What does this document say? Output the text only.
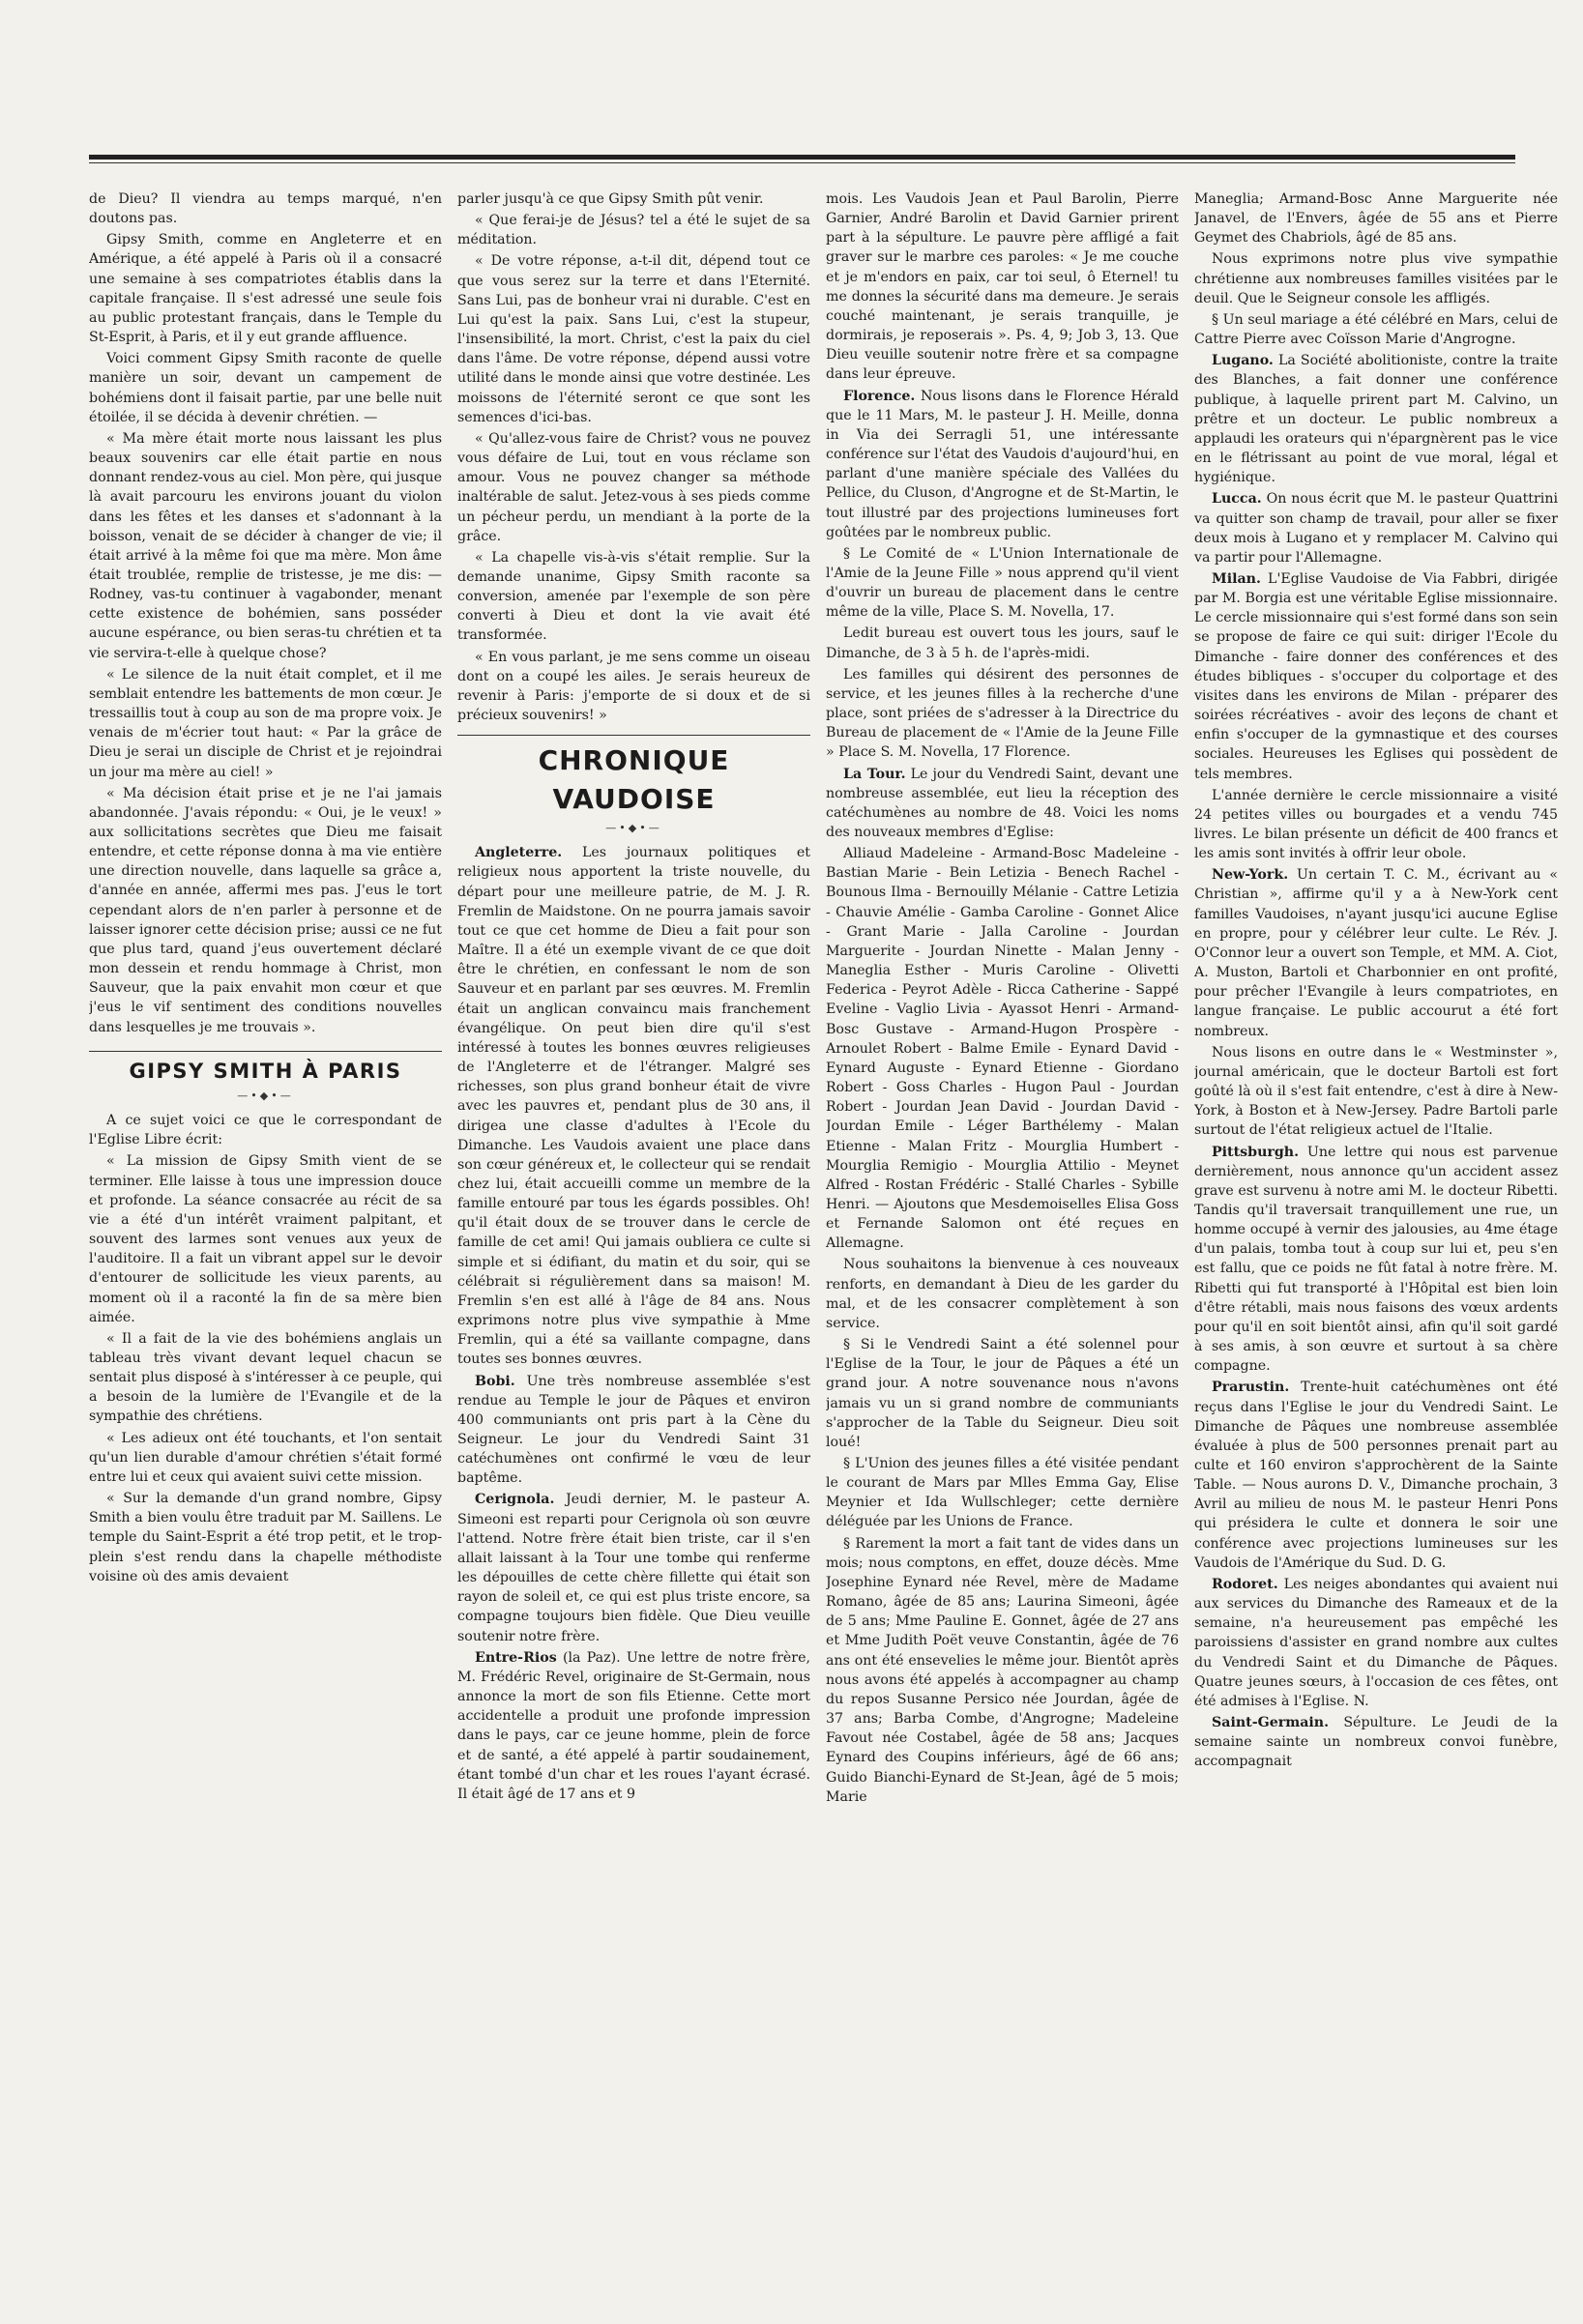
de Dieu? Il viendra au temps marqué, n'en doutons pas.

Gipsy Smith, comme en Angleterre et en Amérique, a été appelé à Paris où il a consacré une semaine à ses compatriotes établis dans la capitale française. Il s'est adressé une seule fois au public protestant français, dans le Temple du St-Esprit, à Paris, et il y eut grande affluence.

Voici comment Gipsy Smith raconte de quelle manière un soir, devant un campement de bohémiens dont il faisait partie, par une belle nuit étoilée, il se décida à devenir chrétien. —

« Ma mère était morte nous laissant les plus beaux souvenirs car elle était partie en nous donnant rendez-vous au ciel. Mon père, qui jusque là avait parcouru les environs jouant du violon dans les fêtes et les danses et s'adonnant à la boisson, venait de se décider à changer de vie; il était arrivé à la même foi que ma mère. Mon âme était troublée, remplie de tristesse, je me dis: — Rodney, vas-tu continuer à vagabonder, menant cette existence de bohémien, sans posséder aucune espérance, ou bien seras-tu chrétien et ta vie servira-t-elle à quelque chose?

« Le silence de la nuit était complet, et il me semblait entendre les battements de mon cœur. Je tressaillis tout à coup au son de ma propre voix. Je venais de m'écrier tout haut: « Par la grâce de Dieu je serai un disciple de Christ et je rejoindrai un jour ma mère au ciel! »

« Ma décision était prise et je ne l'ai jamais abandonnée. J'avais répondu: « Oui, je le veux! » aux sollicitations secrètes que Dieu me faisait entendre, et cette réponse donna à ma vie entière une direction nouvelle, dans laquelle sa grâce a, d'année en année, affermi mes pas. J'eus le tort cependant alors de n'en parler à personne et de laisser ignorer cette décision prise; aussi ce ne fut que plus tard, quand j'eus ouvertement déclaré mon dessein et rendu hommage à Christ, mon Sauveur, que la paix envahit mon cœur et que j'eus le vif sentiment des conditions nouvelles dans lesquelles je me trouvais ».

GIPSY SMITH À PARIS
—•◆•—

A ce sujet voici ce que le correspondant de l'Eglise Libre écrit:

« La mission de Gipsy Smith vient de se terminer. Elle laisse à tous une impression douce et profonde. La séance consacrée au récit de sa vie a été d'un intérêt vraiment palpitant, et souvent des larmes sont venues aux yeux de l'auditoire. Il a fait un vibrant appel sur le devoir d'entourer de sollicitude les vieux parents, au moment où il a raconté la fin de sa mère bien aimée.

« Il a fait de la vie des bohémiens anglais un tableau très vivant devant lequel chacun se sentait plus disposé à s'intéresser à ce peuple, qui a besoin de la lumière de l'Evangile et de la sympathie des chrétiens.

« Les adieux ont été touchants, et l'on sentait qu'un lien durable d'amour chrétien s'était formé entre lui et ceux qui avaient suivi cette mission.

« Sur la demande d'un grand nombre, Gipsy Smith a bien voulu être traduit par M. Saillens. Le temple du Saint-Esprit a été trop petit, et le trop-plein s'est rendu dans la chapelle méthodiste voisine où des amis devaient

parler jusqu'à ce que Gipsy Smith pût venir.

« Que ferai-je de Jésus? tel a été le sujet de sa méditation.

« De votre réponse, a-t-il dit, dépend tout ce que vous serez sur la terre et dans l'Eternité. Sans Lui, pas de bonheur vrai ni durable. C'est en Lui qu'est la paix. Sans Lui, c'est la stupeur, l'insensibilité, la mort. Christ, c'est la paix du ciel dans l'âme. De votre réponse, dépend aussi votre utilité dans le monde ainsi que votre destinée. Les moissons de l'éternité seront ce que sont les semences d'ici-bas.

« Qu'allez-vous faire de Christ? vous ne pouvez vous défaire de Lui, tout en vous réclame son amour. Vous ne pouvez changer sa méthode inaltérable de salut. Jetez-vous à ses pieds comme un pécheur perdu, un mendiant à la porte de la grâce.

« La chapelle vis-à-vis s'était remplie. Sur la demande unanime, Gipsy Smith raconte sa conversion, amenée par l'exemple de son père converti à Dieu et dont la vie avait été transformée.

« En vous parlant, je me sens comme un oiseau dont on a coupé les ailes. Je serais heureux de revenir à Paris: j'emporte de si doux et de si précieux souvenirs! »

CHRONIQUE VAUDOISE
—•◆•—

Angleterre. Les journaux politiques et religieux nous apportent la triste nouvelle, du départ pour une meilleure patrie, de M. J. R. Fremlin de Maidstone. On ne pourra jamais savoir tout ce que cet homme de Dieu a fait pour son Maître. Il a été un exemple vivant de ce que doit être le chrétien, en confessant le nom de son Sauveur et en parlant par ses œuvres. M. Fremlin était un anglican convaincu mais franchement évangélique. On peut bien dire qu'il s'est intéressé à toutes les bonnes œuvres religieuses de l'Angleterre et de l'étranger. Malgré ses richesses, son plus grand bonheur était de vivre avec les pauvres et, pendant plus de 30 ans, il dirigea une classe d'adultes à l'Ecole du Dimanche. Les Vaudois avaient une place dans son cœur généreux et, le collecteur qui se rendait chez lui, était accueilli comme un membre de la famille entouré par tous les égards possibles. Oh! qu'il était doux de se trouver dans le cercle de famille de cet ami! Qui jamais oubliera ce culte si simple et si édifiant, du matin et du soir, qui se célébrait si régulièrement dans sa maison! M. Fremlin s'en est allé à l'âge de 84 ans. Nous exprimons notre plus vive sympathie à Mme Fremlin, qui a été sa vaillante compagne, dans toutes ses bonnes œuvres.

Bobi. Une très nombreuse assemblée s'est rendue au Temple le jour de Pâques et environ 400 communiants ont pris part à la Cène du Seigneur. Le jour du Vendredi Saint 31 catéchumènes ont confirmé le vœu de leur baptême.

Cerignola. Jeudi dernier, M. le pasteur A. Simeoni est reparti pour Cerignola où son œuvre l'attend. Notre frère était bien triste, car il s'en allait laissant à la Tour une tombe qui renferme les dépouilles de cette chère fillette qui était son rayon de soleil et, ce qui est plus triste encore, sa compagne toujours bien fidèle. Que Dieu veuille soutenir notre frère.

Entre-Rios (la Paz). Une lettre de notre frère, M. Frédéric Revel, originaire de St-Germain, nous annonce la mort de son fils Etienne. Cette mort accidentelle a produit une profonde impression dans le pays, car ce jeune homme, plein de force et de santé, a été appelé à partir soudainement, étant tombé d'un char et les roues l'ayant écrasé. Il était âgé de 17 ans et 9

mois. Les Vaudois Jean et Paul Barolin, Pierre Garnier, André Barolin et David Garnier prirent part à la sépulture. Le pauvre père affligé a fait graver sur le marbre ces paroles: « Je me couche et je m'endors en paix, car toi seul, ô Eternel! tu me donnes la sécurité dans ma demeure. Je serais couché maintenant, je serais tranquille, je dormirais, je reposerais ». Ps. 4, 9; Job 3, 13. Que Dieu veuille soutenir notre frère et sa compagne dans leur épreuve.

Florence. Nous lisons dans le Florence Hérald que le 11 Mars, M. le pasteur J. H. Meille, donna in Via dei Serragli 51, une intéressante conférence sur l'état des Vaudois d'aujourd'hui, en parlant d'une manière spéciale des Vallées du Pellice, du Cluson, d'Angrogne et de St-Martin, le tout illustré par des projections lumineuses fort goûtées par le nombreux public.

§ Le Comité de « L'Union Internationale de l'Amie de la Jeune Fille » nous apprend qu'il vient d'ouvrir un bureau de placement dans le centre même de la ville, Place S. M. Novella, 17.

Ledit bureau est ouvert tous les jours, sauf le Dimanche, de 3 à 5 h. de l'après-midi.

Les familles qui désirent des personnes de service, et les jeunes filles à la recherche d'une place, sont priées de s'adresser à la Directrice du Bureau de placement de « l'Amie de la Jeune Fille » Place S. M. Novella, 17 Florence.

La Tour. Le jour du Vendredi Saint, devant une nombreuse assemblée, eut lieu la réception des catéchumènes au nombre de 48. Voici les noms des nouveaux membres d'Eglise:

Alliaud Madeleine - Armand-Bosc Madeleine - Bastian Marie - Bein Letizia - Benech Rachel - Bounous Ilma - Bernouilly Mélanie - Cattre Letizia - Chauvie Amélie - Gamba Caroline - Gonnet Alice - Grant Marie - Jalla Caroline - Jourdan Marguerite - Jourdan Ninette - Malan Jenny - Maneglia Esther - Muris Caroline - Olivetti Federica - Peyrot Adèle - Ricca Catherine - Sappé Eveline - Vaglio Livia - Ayassot Henri - Armand-Bosc Gustave - Armand-Hugon Prospère - Arnoulet Robert - Balme Emile - Eynard David - Eynard Auguste - Eynard Etienne - Giordano Robert - Goss Charles - Hugon Paul - Jourdan Robert - Jourdan Jean David - Jourdan David - Jourdan Emile - Léger Barthélemy - Malan Etienne - Malan Fritz - Mourglia Humbert - Mourglia Remigio - Mourglia Attilio - Meynet Alfred - Rostan Frédéric - Stallé Charles - Sybille Henri. — Ajoutons que Mesdemoiselles Elisa Goss et Fernande Salomon ont été reçues en Allemagne.

Nous souhaitons la bienvenue à ces nouveaux renforts, en demandant à Dieu de les garder du mal, et de les consacrer complètement à son service.

§ Si le Vendredi Saint a été solennel pour l'Eglise de la Tour, le jour de Pâques a été un grand jour. A notre souvenance nous n'avons jamais vu un si grand nombre de communiants s'approcher de la Table du Seigneur. Dieu soit loué!

§ L'Union des jeunes filles a été visitée pendant le courant de Mars par Mlles Emma Gay, Elise Meynier et Ida Wullschleger; cette dernière déléguée par les Unions de France.

§ Rarement la mort a fait tant de vides dans un mois; nous comptons, en effet, douze décès. Mme Josephine Eynard née Revel, mère de Madame Romano, âgée de 85 ans; Laurina Simeoni, âgée de 5 ans; Mme Pauline E. Gonnet, âgée de 27 ans et Mme Judith Poët veuve Constantin, âgée de 76 ans ont été ensevelies le même jour. Bientôt après nous avons été appelés à accompagner au champ du repos Susanne Persico née Jourdan, âgée de 37 ans; Barba Combe, d'Angrogne; Madeleine Favout née Costabel, âgée de 58 ans; Jacques Eynard des Coupins inférieurs, âgé de 66 ans; Guido Bianchi-Eynard de St-Jean, âgé de 5 mois; Marie

Maneglia; Armand-Bosc Anne Marguerite née Janavel, de l'Envers, âgée de 55 ans et Pierre Geymet des Chabriols, âgé de 85 ans.

Nous exprimons notre plus vive sympathie chrétienne aux nombreuses familles visitées par le deuil. Que le Seigneur console les affligés.

§ Un seul mariage a été célébré en Mars, celui de Cattre Pierre avec Coïsson Marie d'Angrogne.

Lugano. La Société abolitioniste, contre la traite des Blanches, a fait donner une conférence publique, à laquelle prirent part M. Calvino, un prêtre et un docteur. Le public nombreux a applaudi les orateurs qui n'épargnèrent pas le vice en le flétrissant au point de vue moral, légal et hygiénique.

Lucca. On nous écrit que M. le pasteur Quattrini va quitter son champ de travail, pour aller se fixer deux mois à Lugano et y remplacer M. Calvino qui va partir pour l'Allemagne.

Milan. L'Eglise Vaudoise de Via Fabbri, dirigée par M. Borgia est une véritable Eglise missionnaire. Le cercle missionnaire qui s'est formé dans son sein se propose de faire ce qui suit: diriger l'Ecole du Dimanche - faire donner des conférences et des études bibliques - s'occuper du colportage et des visites dans les environs de Milan - préparer des soirées récréatives - avoir des leçons de chant et enfin s'occuper de la gymnastique et des courses sociales. Heureuses les Eglises qui possèdent de tels membres.

L'année dernière le cercle missionnaire a visité 24 petites villes ou bourgades et a vendu 745 livres. Le bilan présente un déficit de 400 francs et les amis sont invités à offrir leur obole.

New-York. Un certain T. C. M., écrivant au « Christian », affirme qu'il y a à New-York cent familles Vaudoises, n'ayant jusqu'ici aucune Eglise en propre, pour y célébrer leur culte. Le Rév. J. O'Connor leur a ouvert son Temple, et MM. A. Ciot, A. Muston, Bartoli et Charbonnier en ont profité, pour prêcher l'Evangile à leurs compatriotes, en langue française. Le public accourut a été fort nombreux.

Nous lisons en outre dans le « Westminster », journal américain, que le docteur Bartoli est fort goûté là où il s'est fait entendre, c'est à dire à New-York, à Boston et à New-Jersey. Padre Bartoli parle surtout de l'état religieux actuel de l'Italie.

Pittsburgh. Une lettre qui nous est parvenue dernièrement, nous annonce qu'un accident assez grave est survenu à notre ami M. le docteur Ribetti. Tandis qu'il traversait tranquillement une rue, un homme occupé à vernir des jalousies, au 4me étage d'un palais, tomba tout à coup sur lui et, peu s'en est fallu, que ce poids ne fût fatal à notre frère. M. Ribetti qui fut transporté à l'Hôpital est bien loin d'être rétabli, mais nous faisons des vœux ardents pour qu'il en soit bientôt ainsi, afin qu'il soit gardé à ses amis, à son œuvre et surtout à sa chère compagne.

Prarustin. Trente-huit catéchumènes ont été reçus dans l'Eglise le jour du Vendredi Saint. Le Dimanche de Pâques une nombreuse assemblée évaluée à plus de 500 personnes prenait part au culte et 160 environ s'approchèrent de la Sainte Table. — Nous aurons D. V., Dimanche prochain, 3 Avril au milieu de nous M. le pasteur Henri Pons qui présidera le culte et donnera le soir une conférence avec projections lumineuses sur les Vaudois de l'Amérique du Sud. D. G.

Rodoret. Les neiges abondantes qui avaient nui aux services du Dimanche des Rameaux et de la semaine, n'a heureusement pas empêché les paroissiens d'assister en grand nombre aux cultes du Vendredi Saint et du Dimanche de Pâques. Quatre jeunes sœurs, à l'occasion de ces fêtes, ont été admises à l'Eglise. N.

Saint-Germain. Sépulture. Le Jeudi de la semaine sainte un nombreux convoi funèbre, accompagnait
